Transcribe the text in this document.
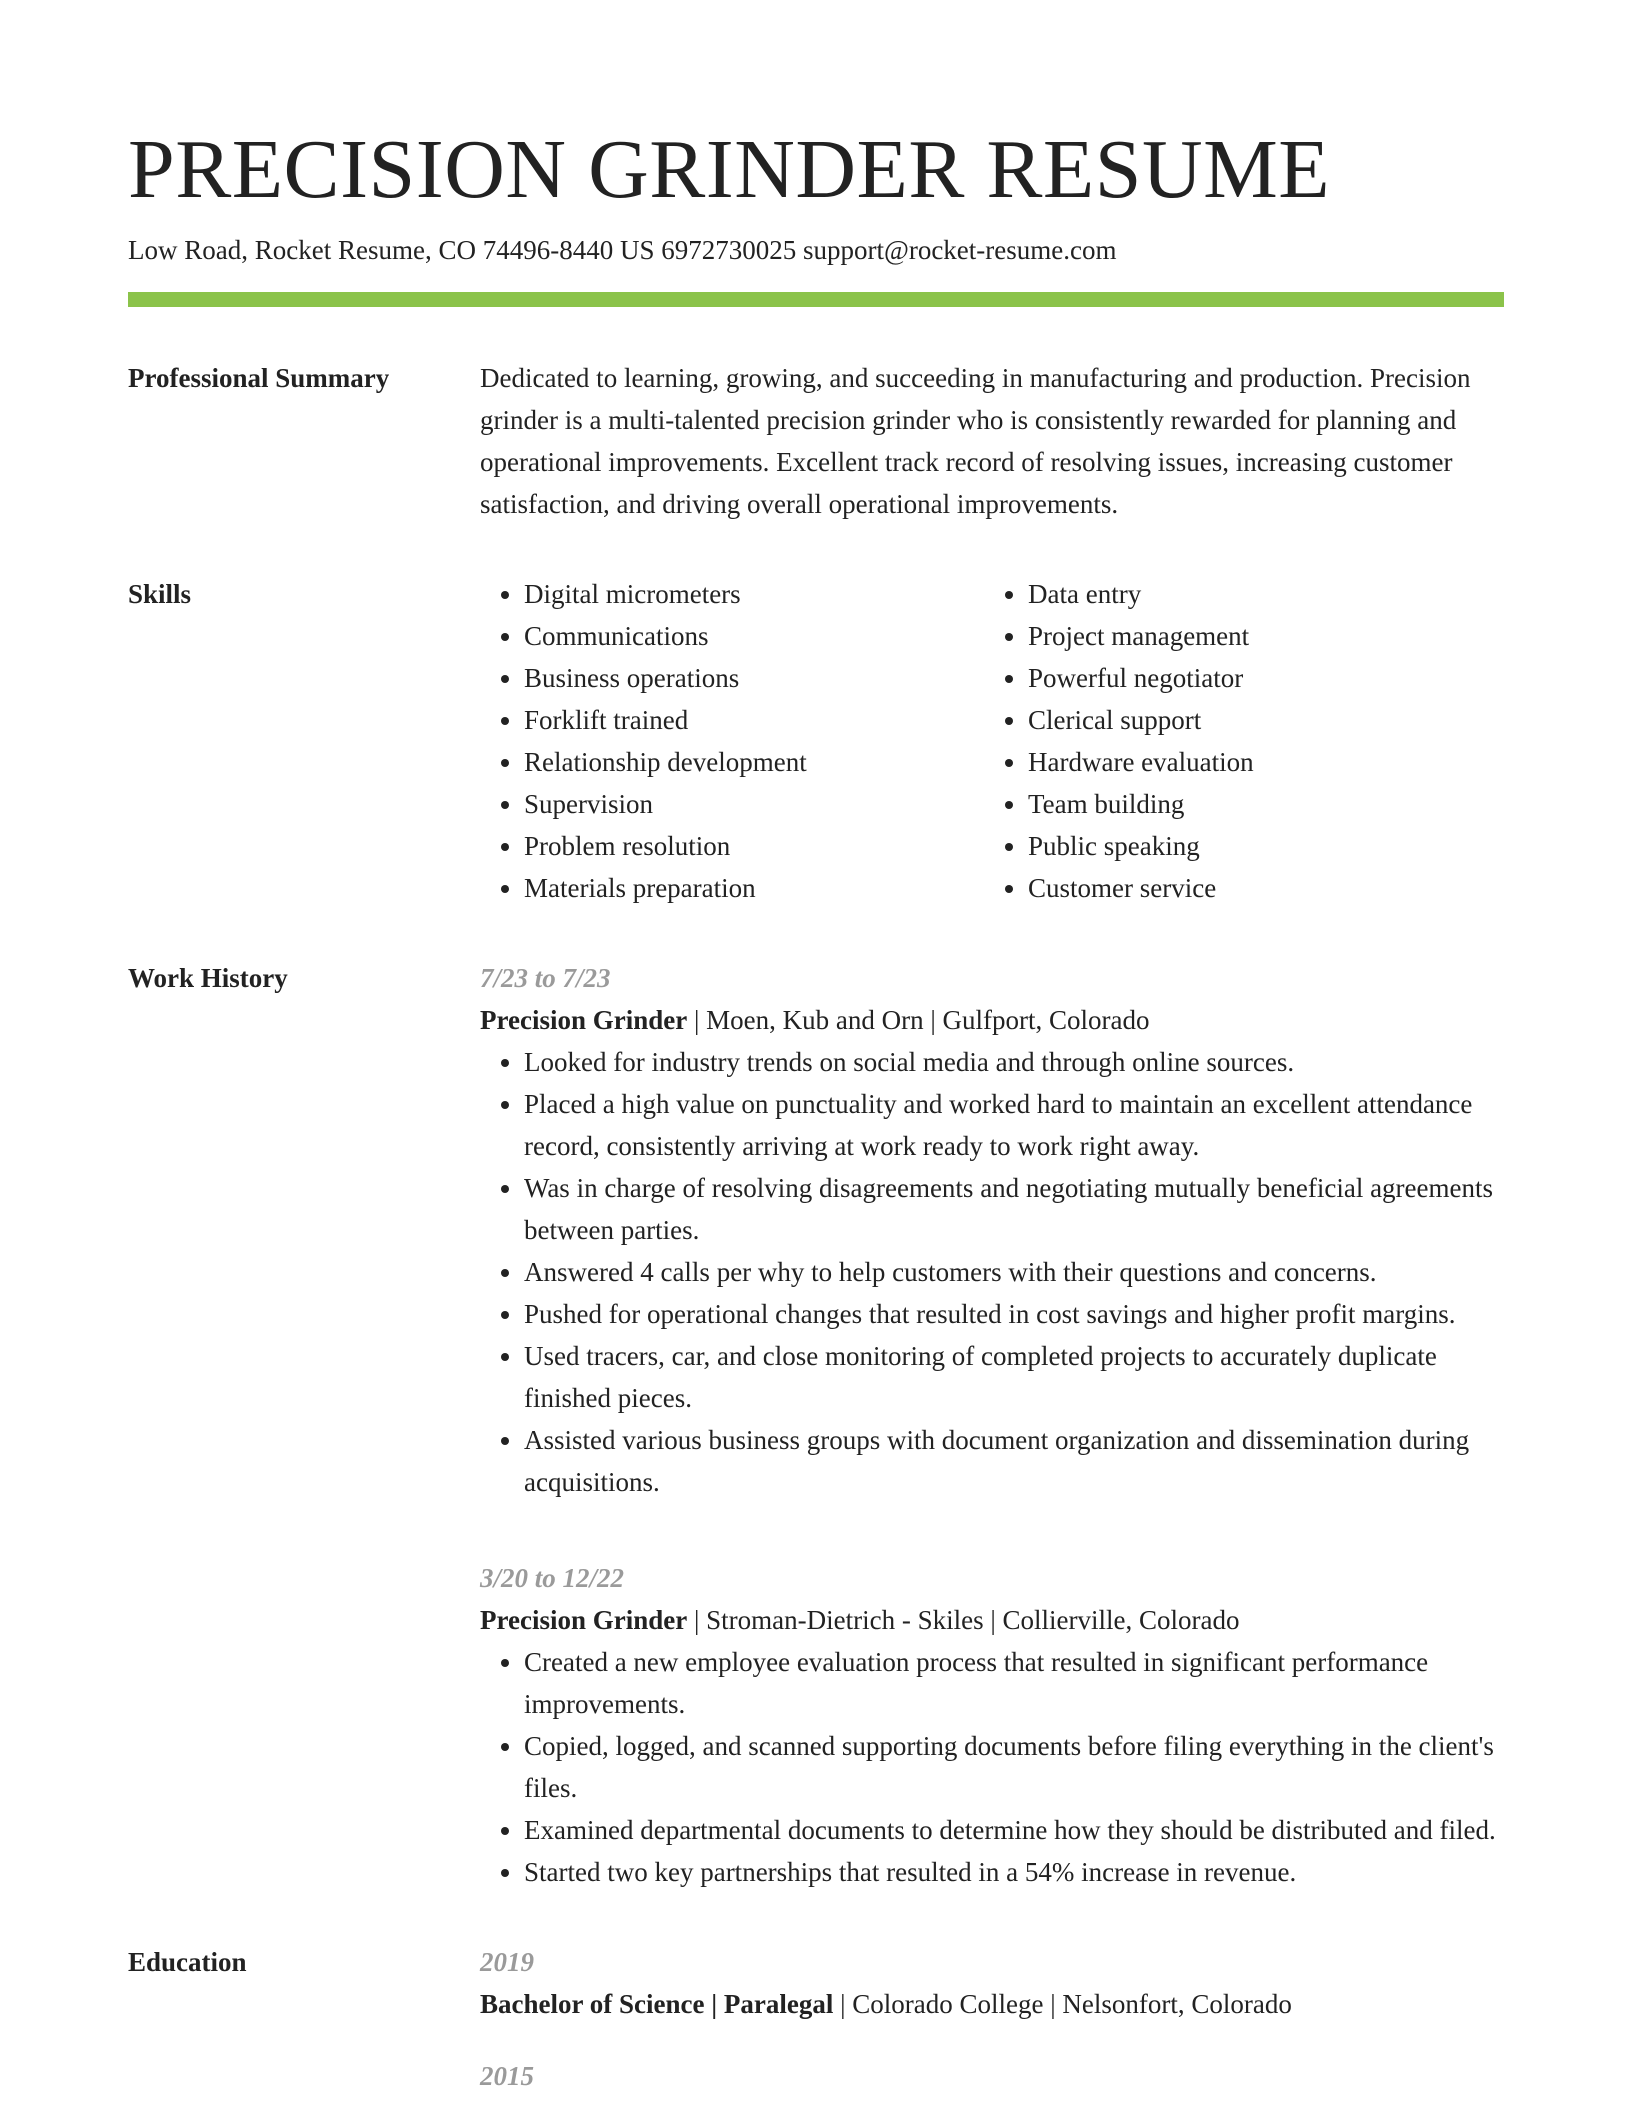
PRECISION GRINDER RESUME
Low Road, Rocket Resume, CO 74496-8440 US 6972730025 support@rocket-resume.com
Professional Summary	Dedicated to learning, growing, and succeeding in manufacturing and production. Precision grinder is a multi-talented precision grinder who is consistently rewarded for planning and operational improvements. Excellent track record of resolving issues, increasing customer satisfaction, and driving overall operational improvements.

Skills
•	Digital micrometers
• Communications
• Business operations
• Forklift trained
• Relationship development
• Supervision
• Problem resolution
• Materials preparation
• Data entry
• Project management
• Powerful negotiator
• Clerical support
• Hardware evaluation
• Team building
• Public speaking
• Customer service
Work History	7/23 to 7/23
Precision Grinder | Moen, Kub and Orn | Gulfport, Colorado
• Looked for industry trends on social media and through online sources.
• Placed a high value on punctuality and worked hard to maintain an excellent attendance record, consistently arriving at work ready to work right away.
• Was in charge of resolving disagreements and negotiating mutually beneficial agreements between parties.
• Answered 4 calls per why to help customers with their questions and concerns.
• Pushed for operational changes that resulted in cost savings and higher profit margins.
• Used tracers, car, and close monitoring of completed projects to accurately duplicate finished pieces.
• Assisted various business groups with document organization and dissemination during acquisitions.
3/20 to 12/22
Precision Grinder | Stroman-Dietrich - Skiles | Collierville, Colorado
• Created a new employee evaluation process that resulted in significant performance improvements.
• Copied, logged, and scanned supporting documents before filing everything in the client's files.
• Examined departmental documents to determine how they should be distributed and filed.
• Started two key partnerships that resulted in a 54% increase in revenue.
Education	2019
Bachelor of Science | Paralegal | Colorado College | Nelsonfort, Colorado
2015
